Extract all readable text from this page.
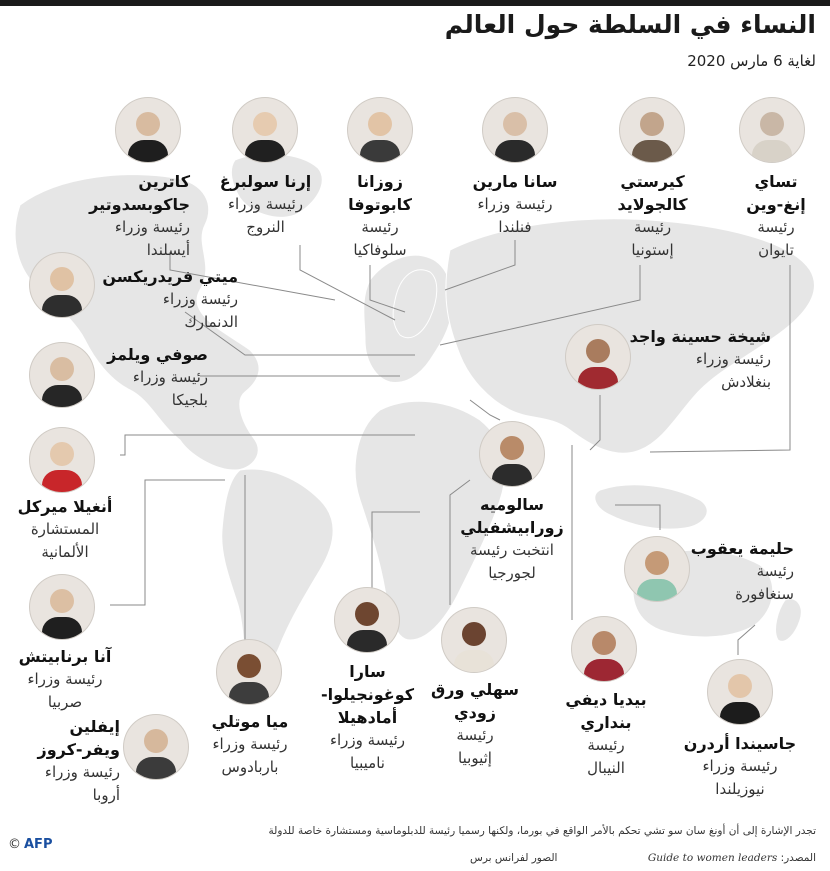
النساء في السلطة حول العالم
لغاية 6 مارس 2020
تساي
إنغ-وين
رئيسة
تايوان
كيرستي
كالجولايد
رئيسة
إستونيا
سانا مارين
رئيسة وزراء
فنلندا
زوزانا
كابوتوفا
رئيسة
سلوفاكيا
إرنا سولبرغ
رئيسة وزراء
النروج
كاترين
جاكوبسدوتير
رئيسة وزراء
أيسلندا
ميتي فريدريكسن
رئيسة وزراء
الدنمارك
صوفي ويلمز
رئيسة وزراء
بلجيكا
أنغيلا ميركل
المستشارة
الألمانية
آنا برنابيتش
رئيسة وزراء
صربيا
إيفلين
ويفر-كروز
رئيسة وزراء
أروبا
ميا موتلي
رئيسة وزراء
باربادوس
سارا
كوغونجيلوا-
أمادهيلا
رئيسة وزراء
ناميبيا
سالوميه
زورابيشفيلي
انتخبت رئيسة
لجورجيا
سهلي ورق
زودي
رئيسة
إثيوبيا
بيديا ديفي
بنداري
رئيسة
النيبال
جاسيندا أردرن
رئيسة وزراء
نيوزيلندا
حليمة يعقوب
رئيسة
سنغافورة
شيخة حسينة واجد
رئيسة وزراء
بنغلادش
تجدر الإشارة إلى أن أونغ سان سو تشي تحكم بالأمر الواقع في بورما، ولكنها رسميا رئيسة للدبلوماسية ومستشارة خاصة للدولة
المصدر: Guide to women leaders
الصور لفرانس برس
© AFP
